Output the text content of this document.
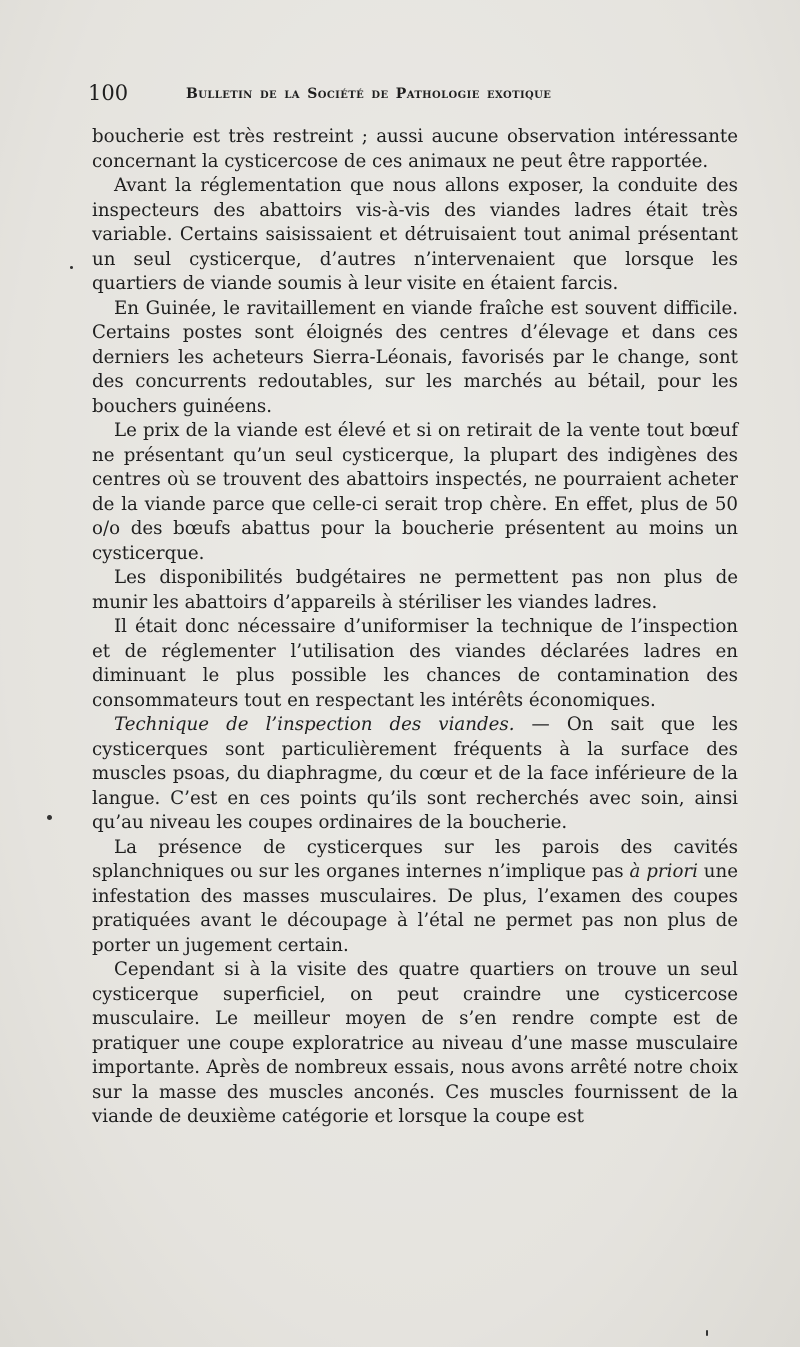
100	Bulletin de la Société de Pathologie exotique

boucherie est très restreint ; aussi aucune observation intéressante concernant la cysticercose de ces animaux ne peut être rapportée.

Avant la réglementation que nous allons exposer, la conduite des inspecteurs des abattoirs vis-à-vis des viandes ladres était très variable. Certains saisissaient et détruisaient tout animal présentant un seul cysticerque, d’autres n’intervenaient que lorsque les quartiers de viande soumis à leur visite en étaient farcis.

En Guinée, le ravitaillement en viande fraîche est souvent difficile. Certains postes sont éloignés des centres d’élevage et dans ces derniers les acheteurs Sierra-Léonais, favorisés par le change, sont des concurrents redoutables, sur les marchés au bétail, pour les bouchers guinéens.

Le prix de la viande est élevé et si on retirait de la vente tout bœuf ne présentant qu’un seul cysticerque, la plupart des indigènes des centres où se trouvent des abattoirs inspectés, ne pourraient acheter de la viande parce que celle-ci serait trop chère. En effet, plus de 50 o/o des bœufs abattus pour la boucherie présentent au moins un cysticerque.

Les disponibilités budgétaires ne permettent pas non plus de munir les abattoirs d’appareils à stériliser les viandes ladres.

Il était donc nécessaire d’uniformiser la technique de l’inspection et de réglementer l’utilisation des viandes déclarées ladres en diminuant le plus possible les chances de contamination des consommateurs tout en respectant les intérêts économiques.

Technique de l’inspection des viandes. — On sait que les cysticerques sont particulièrement fréquents à la surface des muscles psoas, du diaphragme, du cœur et de la face inférieure de la langue. C’est en ces points qu’ils sont recherchés avec soin, ainsi qu’au niveau les coupes ordinaires de la boucherie.

La présence de cysticerques sur les parois des cavités splanchniques ou sur les organes internes n’implique pas à priori une infestation des masses musculaires. De plus, l’examen des coupes pratiquées avant le découpage à l’étal ne permet pas non plus de porter un jugement certain.

Cependant si à la visite des quatre quartiers on trouve un seul cysticerque superficiel, on peut craindre une cysticercose musculaire. Le meilleur moyen de s’en rendre compte est de pratiquer une coupe exploratrice au niveau d’une masse musculaire importante. Après de nombreux essais, nous avons arrêté notre choix sur la masse des muscles anconés. Ces muscles fournissent de la viande de deuxième catégorie et lorsque la coupe est
